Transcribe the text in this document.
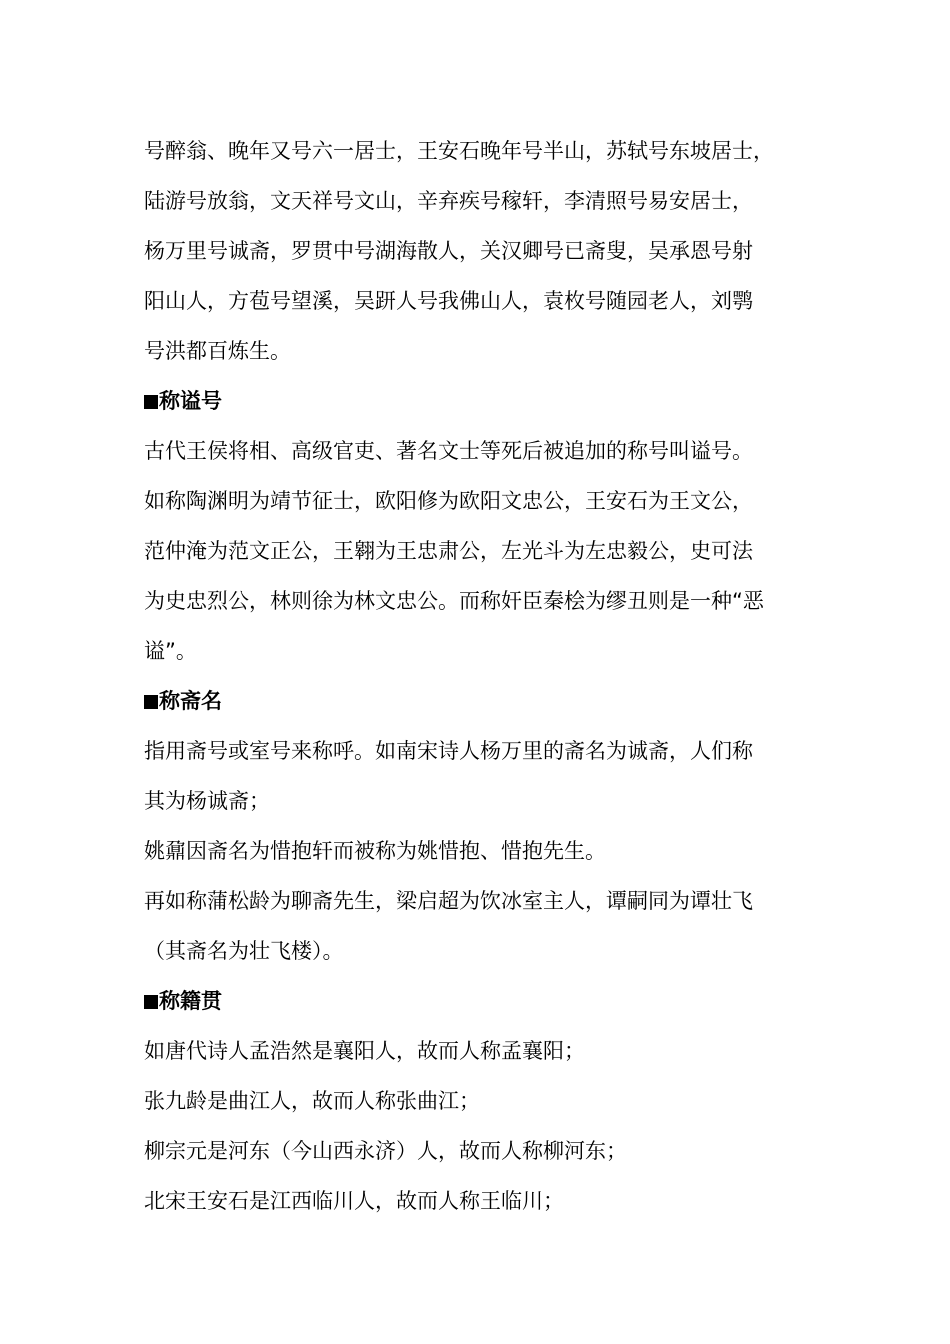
号醉翁、晚年又号六一居士，王安石晚年号半山，苏轼号东坡居士，
陆游号放翁，文天祥号文山，辛弃疾号稼轩，李清照号易安居士，
杨万里号诚斋，罗贯中号湖海散人，关汉卿号已斋叟，吴承恩号射
阳山人，方苞号望溪，吴趼人号我佛山人，袁枚号随园老人，刘鹗
号洪都百炼生。
称谥号
古代王侯将相、高级官吏、著名文士等死后被追加的称号叫谥号。
如称陶渊明为靖节征士，欧阳修为欧阳文忠公，王安石为王文公，
范仲淹为范文正公，王翱为王忠肃公，左光斗为左忠毅公，史可法
为史忠烈公，林则徐为林文忠公。而称奸臣秦桧为缪丑则是一种“恶
谥”。
称斋名
指用斋号或室号来称呼。如南宋诗人杨万里的斋名为诚斋，人们称
其为杨诚斋；
姚鼐因斋名为惜抱轩而被称为姚惜抱、惜抱先生。
再如称蒲松龄为聊斋先生，梁启超为饮冰室主人，谭嗣同为谭壮飞
（其斋名为壮飞楼）。
称籍贯
如唐代诗人孟浩然是襄阳人，故而人称孟襄阳；
张九龄是曲江人，故而人称张曲江；
柳宗元是河东（今山西永济）人，故而人称柳河东；
北宋王安石是江西临川人，故而人称王临川；
